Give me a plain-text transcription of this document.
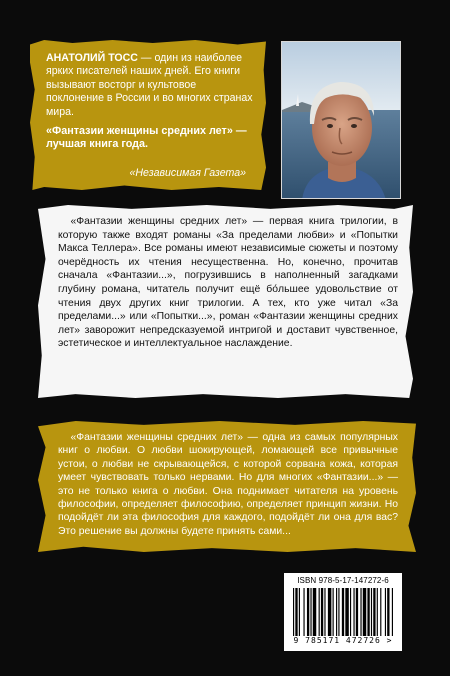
АНАТОЛИЙ ТОСС — один из наиболее ярких писателей наших дней. Его книги вызывают восторг и культовое поклонение в России и во многих странах мира.

«Фантазии женщины средних лет» — лучшая книга года.

«Независимая Газета»

«Фантазии женщины средних лет» — первая книга трилогии, в которую также входят романы «За пределами любви» и «Попытки Макса Теллера». Все романы имеют независимые сюжеты и поэтому очерёдность их чтения несущественна. Но, конечно, прочитав сначала «Фантазии...», погрузившись в наполненный загадками глубину романа, читатель получит ещё бо́льшее удовольствие от чтения двух других книг трилогии. А тех, кто уже читал «За пределами...» или «Попытки...», роман «Фантазии женщины средних лет» заворожит непредсказуемой интригой и доставит чувственное, эстетическое и интеллектуальное наслаждение.

«Фантазии женщины средних лет» — одна из самых популярных книг о любви. О любви шокирующей, ломающей все привычные устои, о любви не скрывающейся, с которой сорвана кожа, которая умеет чувствовать только нервами. Но для многих «Фантазии...» — это не только книга о любви. Она поднимает читателя на уровень философии, определяет философию, определяет принцип жизни. Но подойдёт ли эта философия для каждого, подойдёт ли она для вас? Это решение вы должны будете принять сами...

ISBN 978-5-17-147272-6
9 785171 472726 >
